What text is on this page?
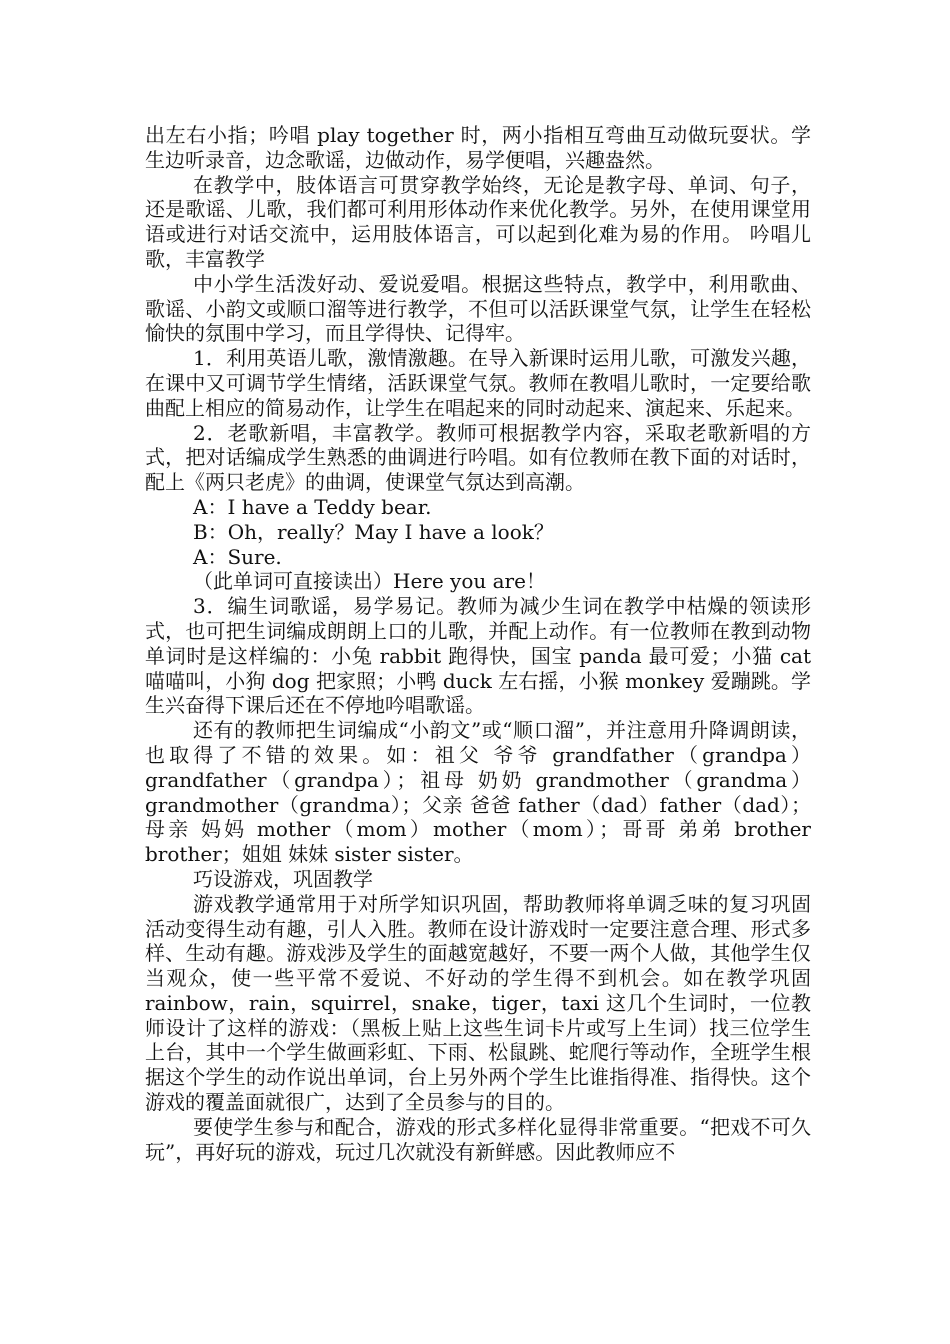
出左右小指；吟唱 play together 时，两小指相互弯曲互动做玩耍状。学生边听录音，边念歌谣，边做动作，易学便唱，兴趣盎然。

在教学中，肢体语言可贯穿教学始终，无论是教字母、单词、句子，还是歌谣、儿歌，我们都可利用形体动作来优化教学。另外，在使用课堂用语或进行对话交流中，运用肢体语言，可以起到化难为易的作用。 吟唱儿歌，丰富教学

中小学生活泼好动、爱说爱唱。根据这些特点，教学中，利用歌曲、歌谣、小韵文或顺口溜等进行教学，不但可以活跃课堂气氛，让学生在轻松愉快的氛围中学习，而且学得快、记得牢。

1．利用英语儿歌，激情激趣。在导入新课时运用儿歌，可激发兴趣，在课中又可调节学生情绪，活跃课堂气氛。教师在教唱儿歌时，一定要给歌曲配上相应的简易动作，让学生在唱起来的同时动起来、演起来、乐起来。

2．老歌新唱，丰富教学。教师可根据教学内容，采取老歌新唱的方式，把对话编成学生熟悉的曲调进行吟唱。如有位教师在教下面的对话时，配上《两只老虎》的曲调，使课堂气氛达到高潮。

A：I have a Teddy bear.

B：Oh，really？May I have a look？

A：Sure.

（此单词可直接读出）Here you are！

3．编生词歌谣，易学易记。教师为减少生词在教学中枯燥的领读形式，也可把生词编成朗朗上口的儿歌，并配上动作。有一位教师在教到动物单词时是这样编的：小兔 rabbit 跑得快，国宝 panda 最可爱；小猫 cat 喵喵叫，小狗 dog 把家照；小鸭 duck 左右摇，小猴 monkey 爱蹦跳。学生兴奋得下课后还在不停地吟唱歌谣。

还有的教师把生词编成“小韵文”或“顺口溜”，并注意用升降调朗读，也取得了不错的效果。如：祖父 爷爷 grandfather（grandpa）grandfather（grandpa）；祖母 奶奶 grandmother（grandma）grandmother（grandma）；父亲 爸爸 father（dad）father（dad）；母亲 妈妈 mother（mom）mother（mom）；哥哥 弟弟 brother brother；姐姐 妹妹 sister sister。

巧设游戏，巩固教学

游戏教学通常用于对所学知识巩固，帮助教师将单调乏味的复习巩固活动变得生动有趣，引人入胜。教师在设计游戏时一定要注意合理、形式多样、生动有趣。游戏涉及学生的面越宽越好，不要一两个人做，其他学生仅当观众，使一些平常不爱说、不好动的学生得不到机会。如在教学巩固 rainbow，rain，squirrel，snake，tiger，taxi 这几个生词时，一位教师设计了这样的游戏：（黑板上贴上这些生词卡片或写上生词）找三位学生上台，其中一个学生做画彩虹、下雨、松鼠跳、蛇爬行等动作，全班学生根据这个学生的动作说出单词，台上另外两个学生比谁指得准、指得快。这个游戏的覆盖面就很广，达到了全员参与的目的。

要使学生参与和配合，游戏的形式多样化显得非常重要。“把戏不可久玩”，再好玩的游戏，玩过几次就没有新鲜感。因此教师应不
